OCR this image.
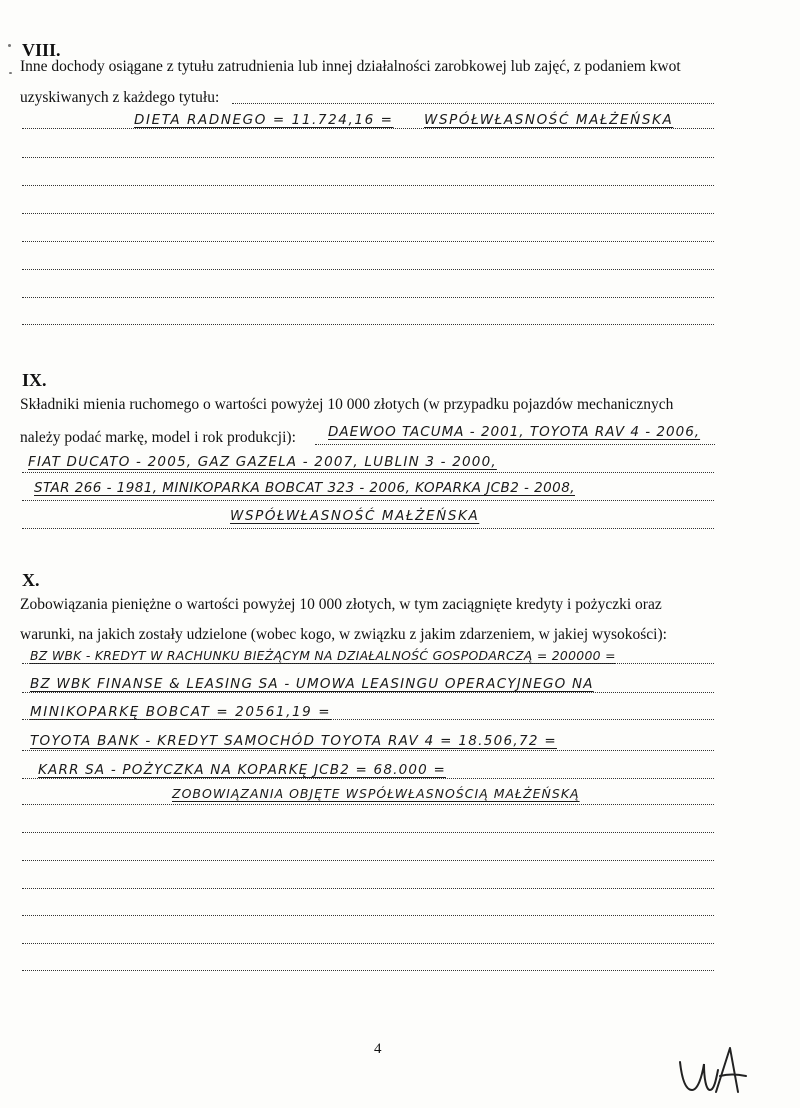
VIII.
Inne dochody osiągane z tytułu zatrudnienia lub innej działalności zarobkowej lub zajęć, z podaniem kwot
uzyskiwanych z każdego tytułu:
DIETA RADNEGO = 11.724,16 = WSPÓŁWŁASNOŚĆ MAŁŻEŃSKA
IX.
Składniki mienia ruchomego o wartości powyżej 10 000 złotych (w przypadku pojazdów mechanicznych
należy podać markę, model i rok produkcji): DAEWOO TACUMA - 2001, TOYOTA RAV 4 - 2006,
FIAT DUCATO - 2005, GAZ GAZELA - 2007, LUBLIN 3 - 2000,
STAR 266 - 1981, MINIKOPARKA BOBCAT 323 - 2006, KOPARKA JCB2 - 2008,
WSPÓŁWŁASNOŚĆ MAŁŻEŃSKA
X.
Zobowiązania pieniężne o wartości powyżej 10 000 złotych, w tym zaciągnięte kredyty i pożyczki oraz
warunki, na jakich zostały udzielone (wobec kogo, w związku z jakim zdarzeniem, w jakiej wysokości):
BZ WBK - KREDYT W RACHUNKU BIEŻĄCYM NA DZIAŁALNOŚĆ GOSPODARCZĄ = 200000 =
BZ WBK FINANSE & LEASING SA - UMOWA LEASINGU OPERACYJNEGO NA
MINIKOPARKĘ BOBCAT = 20561,19 =
TOYOTA BANK - KREDYT SAMOCHÓD TOYOTA RAV 4 = 18.506,72 =
KARR SA - POŻYCZKA NA KOPARKĘ JCB2 = 68.000 =
ZOBOWIĄZANIA OBJĘTE WSPÓŁWŁASNOŚCIĄ MAŁŻEŃSKĄ
4
